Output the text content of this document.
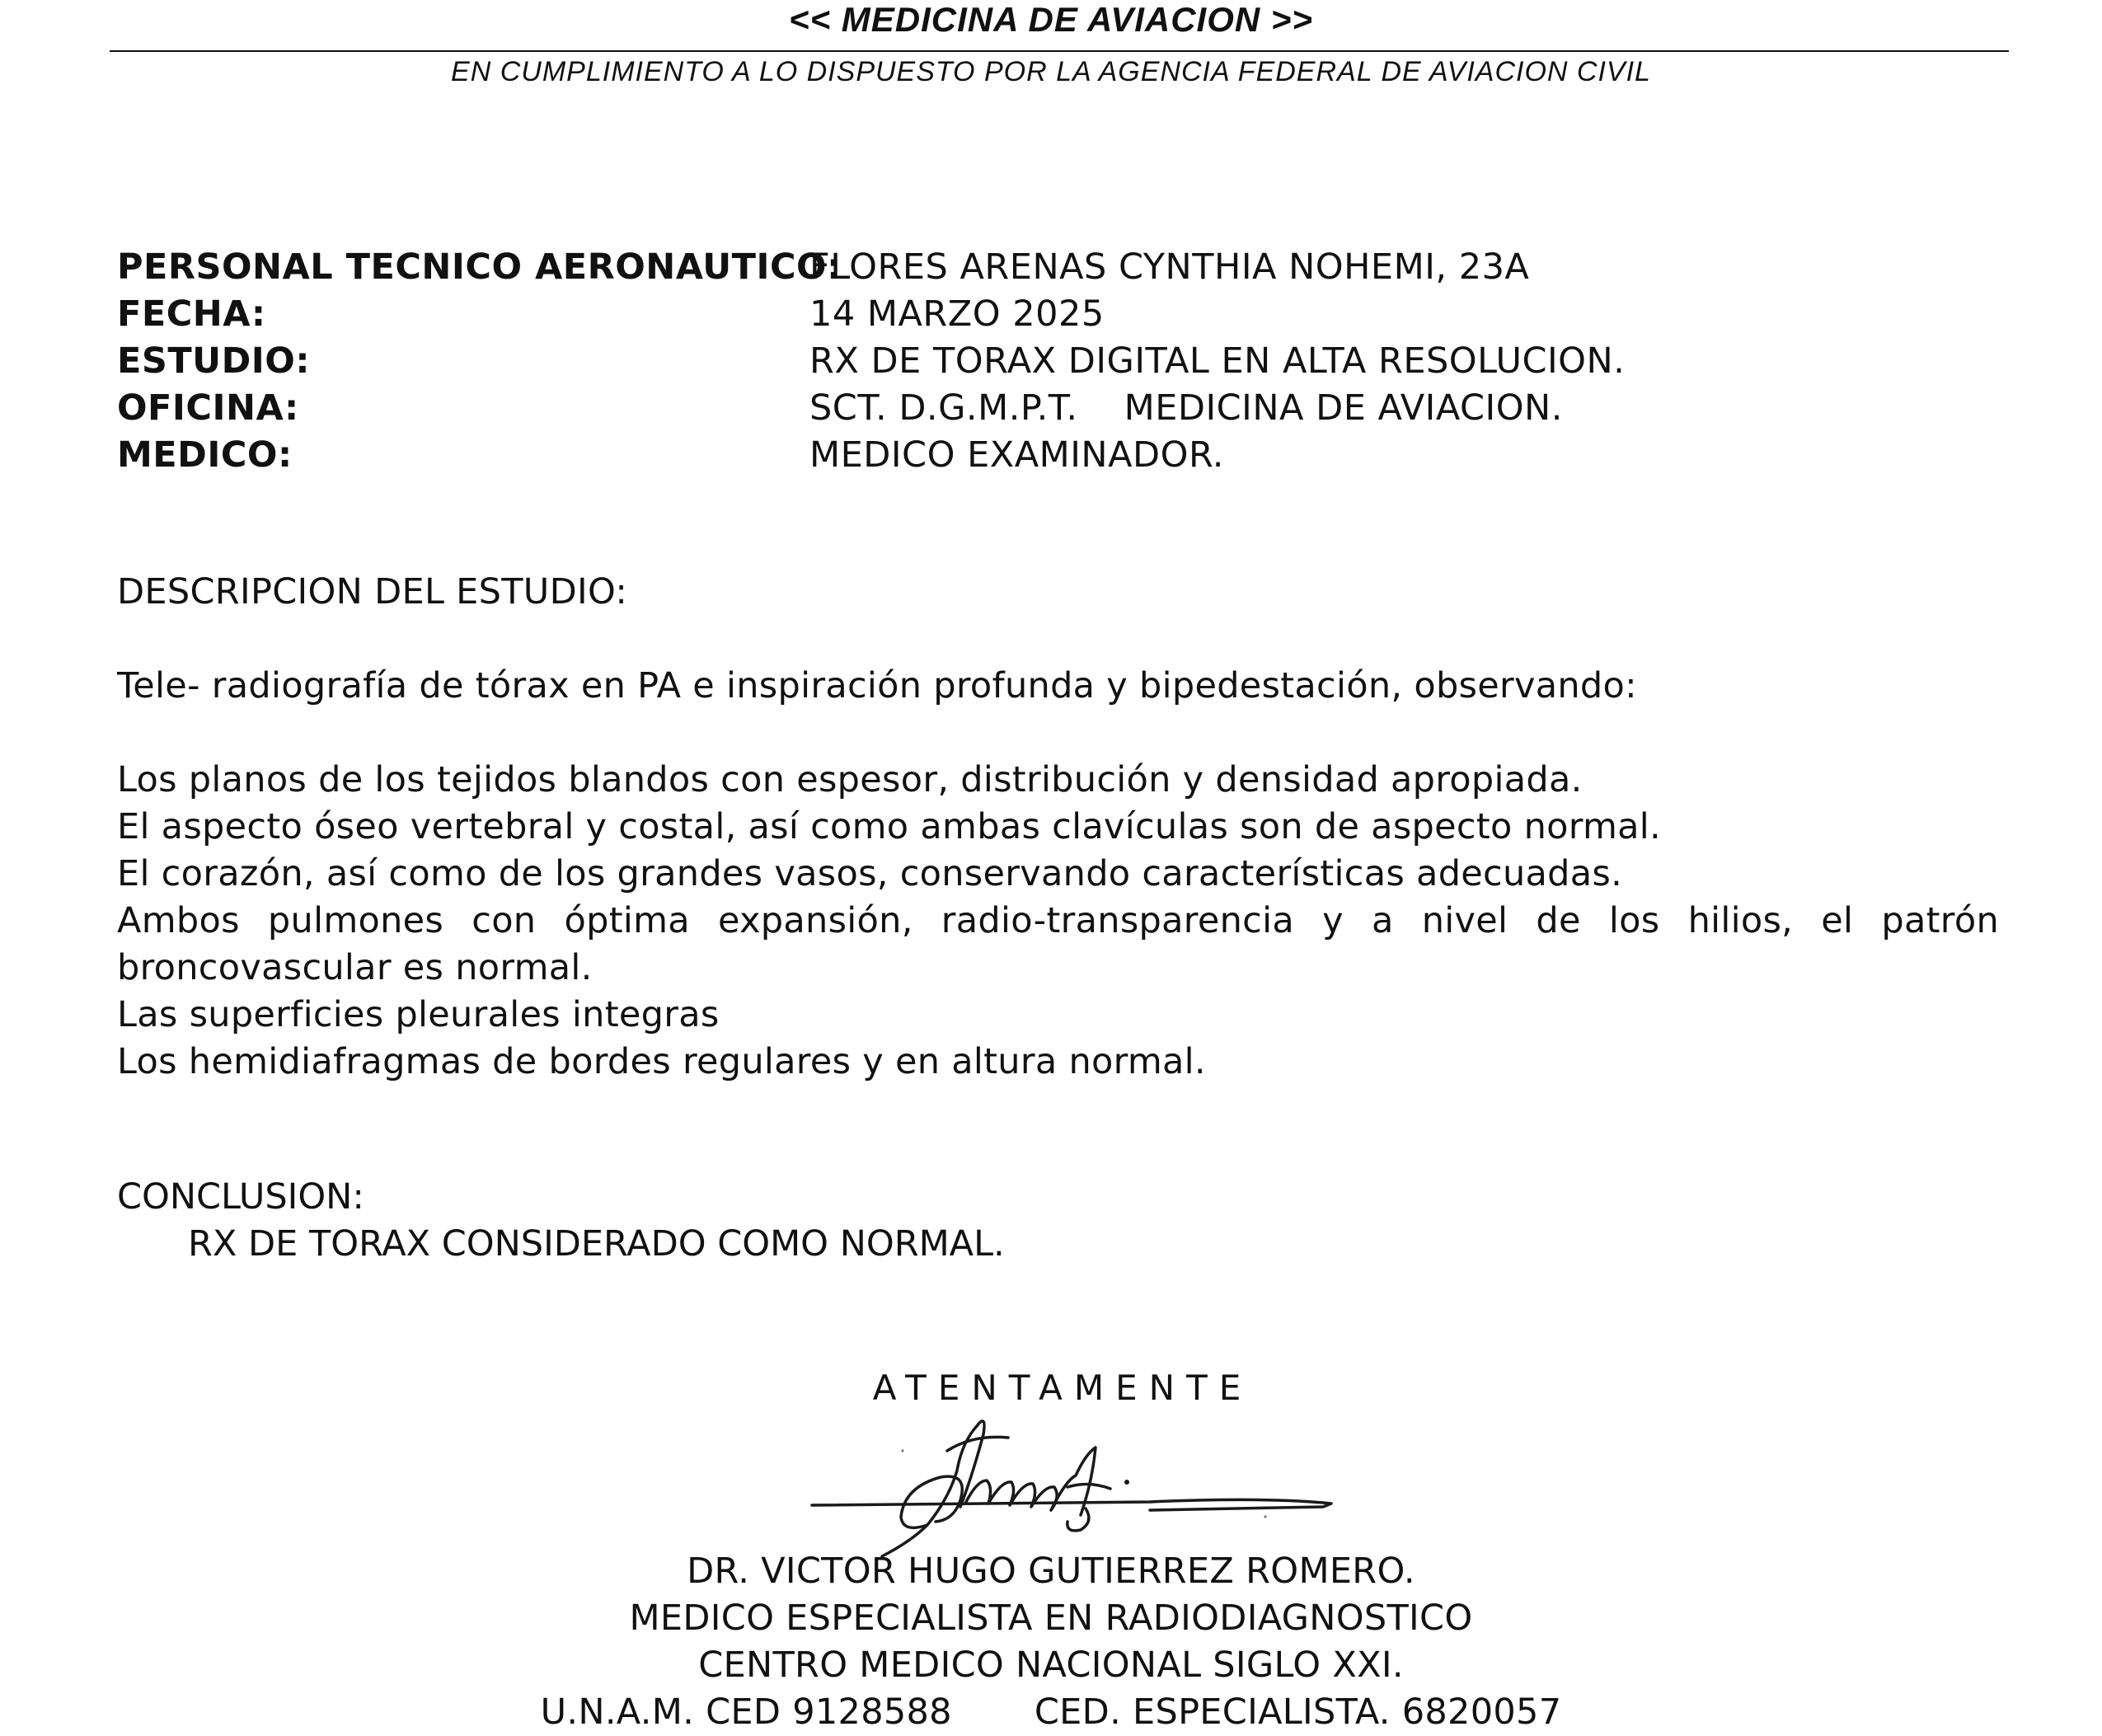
<< MEDICINA DE AVIACION >>
EN CUMPLIMIENTO A LO DISPUESTO POR LA AGENCIA FEDERAL DE AVIACION CIVIL
PERSONAL TECNICO AERONAUTICO:
FLORES ARENAS CYNTHIA NOHEMI, 23A
FECHA:	14 MARZO 2025
ESTUDIO:	RX DE TORAX DIGITAL EN ALTA RESOLUCION.
OFICINA:	SCT. D.G.M.P.T. MEDICINA DE AVIACION.
MEDICO:	MEDICO EXAMINADOR.
DESCRIPCION DEL ESTUDIO:
Tele- radiografía de tórax en PA e inspiración profunda y bipedestación, observando:
Los planos de los tejidos blandos con espesor, distribución y densidad apropiada.
El aspecto óseo vertebral y costal, así como ambas clavículas son de aspecto normal.
El corazón, así como de los grandes vasos, conservando características adecuadas.
Ambos pulmones con óptima expansión, radio-transparencia y a nivel de los hilios, el patrón broncovascular es normal.
Las superficies pleurales integras
Los hemidiafragmas de bordes regulares y en altura normal.
CONCLUSION:
RX DE TORAX CONSIDERADO COMO NORMAL.
ATENTAMENTE
DR. VICTOR HUGO GUTIERREZ ROMERO.
MEDICO ESPECIALISTA EN RADIODIAGNOSTICO
CENTRO MEDICO NACIONAL SIGLO XXI.
U.N.A.M. CED 9128588 CED. ESPECIALISTA. 6820057
